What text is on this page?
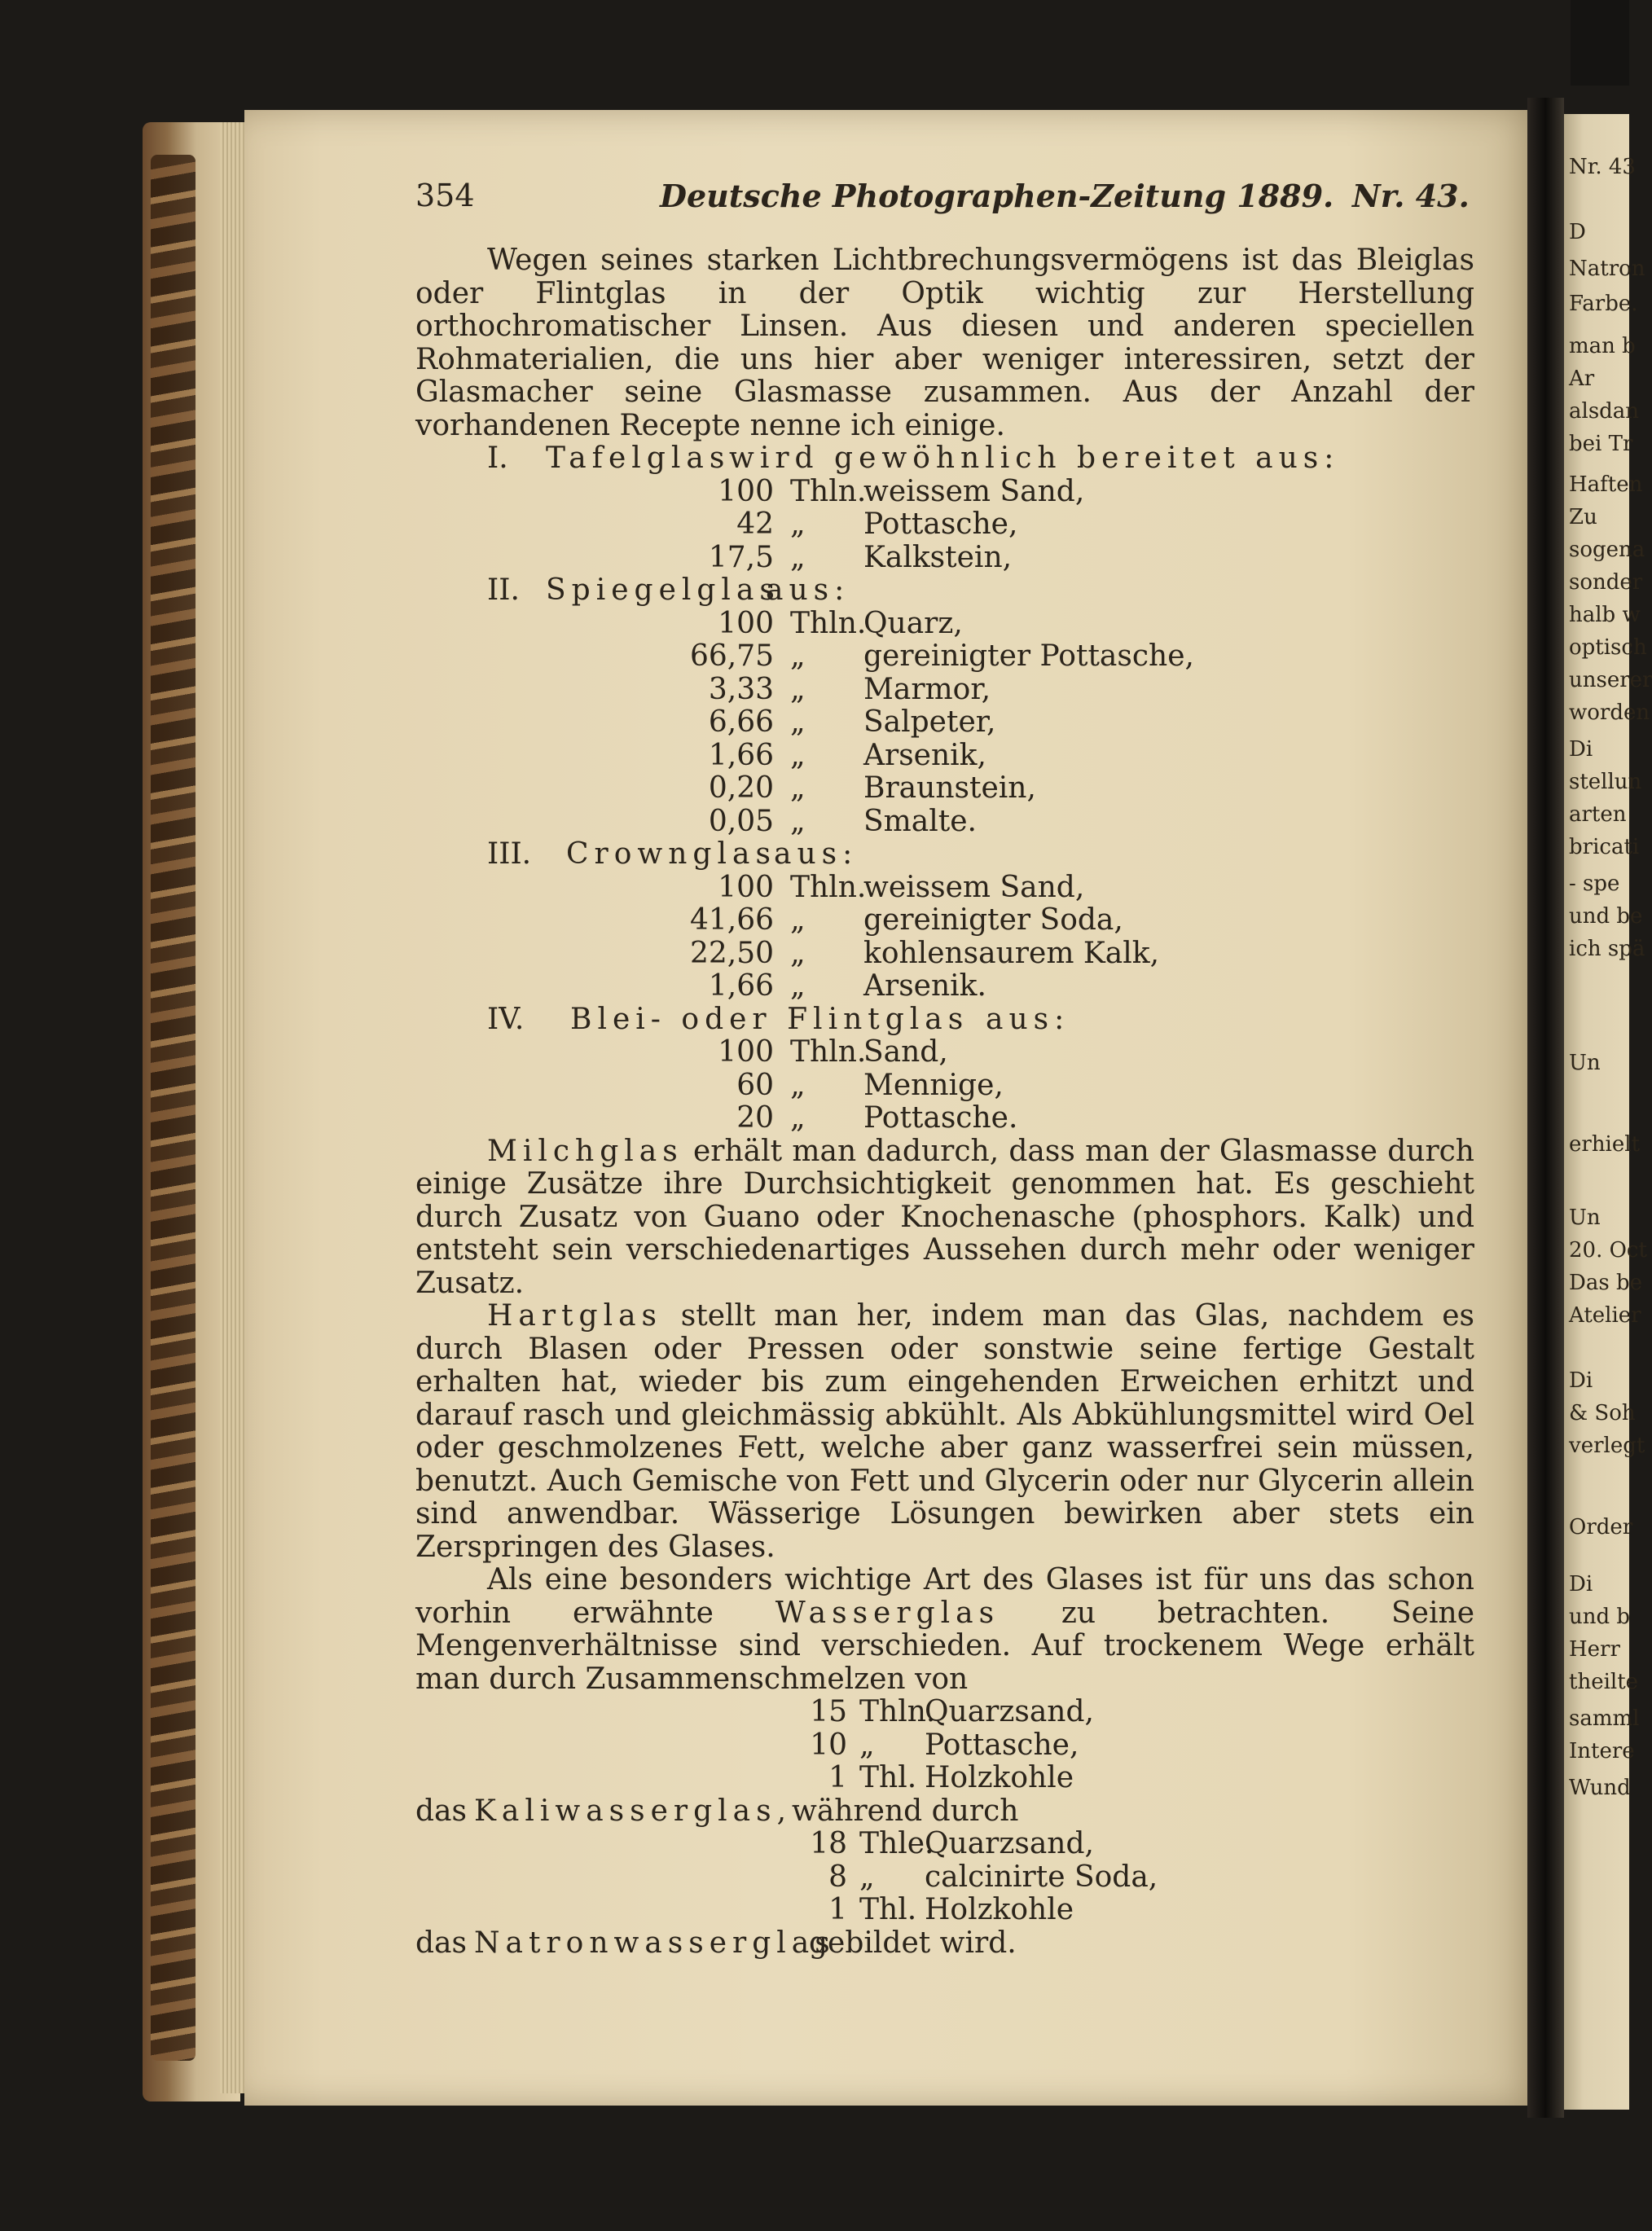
Nr. 43
D
Natron
Farbe.
man b
Ar
alsdan
bei Tr
Haften
Zu
sogena
sonder
halb w
optisch
unserer
worden
Di
stellun
arten
bricati
- spe
und be
ich spä
Un
erhielt
Un
20. Oct
Das be
Atelier
Di
& Soh
verlegt
Order
Di
und b
Herr
theilte
samml
Intere
Wund
354	Deutsche Photographen-Zeitung 1889. Nr. 43.
Wegen seines starken Lichtbrechungsvermögens ist das Bleiglas oder Flintglas in der Optik wichtig zur Herstellung orthochromatischer Linsen. Aus diesen und anderen speciellen Rohmaterialien, die uns hier aber weniger interessiren, setzt der Glasmacher seine Glasmasse zusammen. Aus der Anzahl der vorhandenen Recepte nenne ich einige.
I. Tafelglas
wird gewöhnlich bereitet aus:
100 Thln.
weissem Sand,
42 „ Pottasche,
17,5 „ Kalkstein,
II. Spiegelglas
aus:
100 Thln.
Quarz,
66,75 „ gereinigter Pottasche,
3,33 „ Marmor,
6,66 „ Salpeter,
1,66 „ Arsenik,
0,20 „ Braunstein,
0,05 „ Smalte.
III. Crownglas
aus:
100 Thln.
weissem Sand,
41,66 „ gereinigter Soda,
22,50 „ kohlensaurem Kalk,
1,66 „ Arsenik.
IV. Blei- oder Flintglas aus:
100 Thln.
Sand,
60 „ Mennige,
20 „ Pottasche.
Milchglas erhält man dadurch, dass man der Glasmasse durch einige Zusätze ihre Durchsichtigkeit genommen hat. Es geschieht durch Zusatz von Guano oder Knochenasche (phosphors. Kalk) und entsteht sein verschiedenartiges Aussehen durch mehr oder weniger Zusatz.
Hartglas stellt man her, indem man das Glas, nachdem es durch Blasen oder Pressen oder sonstwie seine fertige Gestalt erhalten hat, wieder bis zum eingehenden Erweichen erhitzt und darauf rasch und gleichmässig abkühlt. Als Abkühlungsmittel wird Oel oder geschmolzenes Fett, welche aber ganz wasserfrei sein müssen, benutzt. Auch Gemische von Fett und Glycerin oder nur Glycerin allein sind anwendbar. Wässerige Lösungen bewirken aber stets ein Zerspringen des Glases.
Als eine besonders wichtige Art des Glases ist für uns das schon vorhin erwähnte Wasserglas zu betrachten. Seine Mengenverhältnisse sind verschieden. Auf trockenem Wege erhält man durch Zusammenschmelzen von
15 Thln.
Quarzsand,
10 „ Pottasche,
1 Thl. Holzkohle
das Kaliwasserglas, während durch
18 Thle.
Quarzsand,
8 „ calcinirte Soda,
1 Thl. Holzkohle
das Natronwasserglas
gebildet wird.
